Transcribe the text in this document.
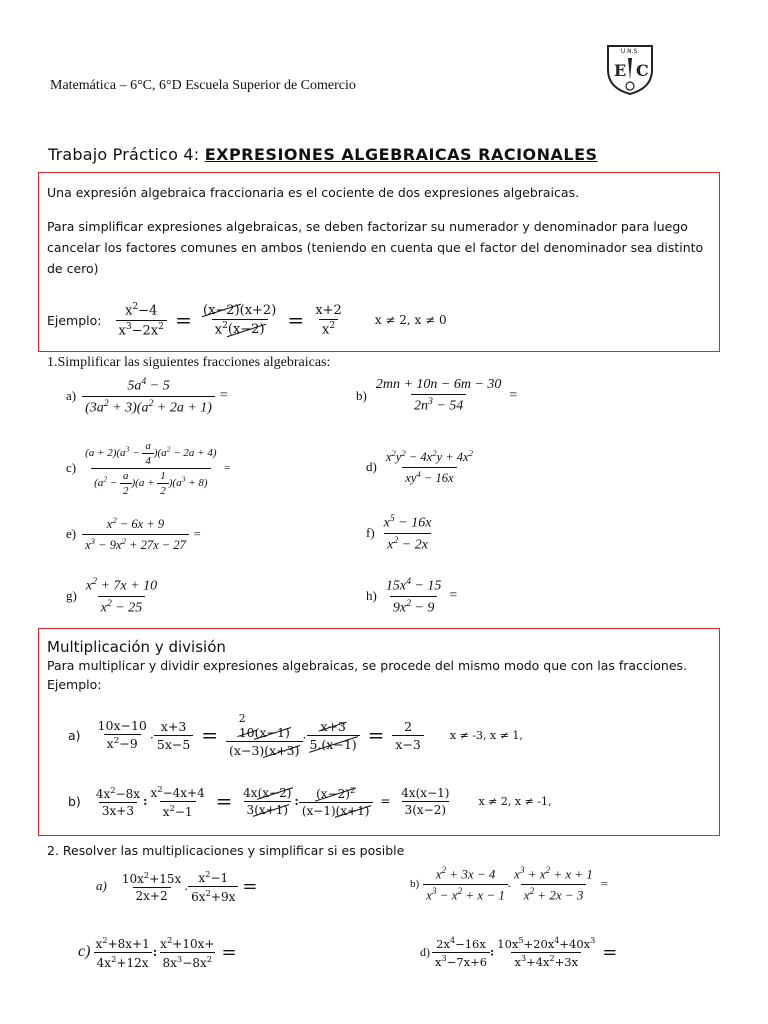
Matemática – 6°C, 6°D Escuela Superior de Comercio
U.N.S.
E C
Trabajo Práctico 4: EXPRESIONES ALGEBRAICAS RACIONALES
Una expresión algebraica fraccionaria es el cociente de dos expresiones algebraicas.
Para simplificar expresiones algebraicas, se deben factorizar su numerador y denominador para luego cancelar los factores comunes en ambos (teniendo en cuenta que el factor del denominador sea distinto de cero)
Ejemplo: $\frac{x^2-4}{x^3-2x^2} = \frac{(x-2)(x+2)}{x^2(x-2)} = \frac{x+2}{x^2}$	x ≠ 2, x ≠ 0
1.Simplificar las siguientes fracciones algebraicas:
$a) \frac{5a^4 - 5}{(3a^2 + 3)(a^2 + 2a + 1)}$ =	$b) \frac{2mn + 10n - 6m - 30}{2n^3 - 54}$ =
$c) \frac{(a + 2)(a^3 - \frac{a}{4} )(a^2 - 2a + 4)}{(a^2 - \frac{a}{2} )(a + \frac{1}{2} )(a^3 + 8)}$ =	$d) \frac{x^2y^2 - 4x^2y + 4x^2}{xy^4 - 16x}$
$e) \frac{x^2 - 6x + 9}{x^3 - 9x^2 + 27x - 27}$ =	$f) \frac{x^5 - 16x}{x^2 - 2x}$
$g) \frac{x^2 + 7x + 10}{x^2 - 25}$	$h) \frac{15x^4 - 15}{9x^2 - 9}$ =
Multiplicación y división
Para multiplicar y dividir expresiones algebraicas, se procede del mismo modo que con las fracciones.
Ejemplo:
$a) \frac{10x-10}{x^2-9}$ . $\frac{x+3}{5x-5} = 2$
10(x−1)
(x−3)(x+3) . $\frac{x+3}{5.(x-1)} = \frac{2}{x-3}$ x ≠ -3, x ≠ 1,
$b) \frac{4x^2-8x}{3x+3}$ : $\frac{x^2-4x+4}{x^2-1} = \frac{4x(x-2)}{3(x+1)}$ : $\frac{(x-2)^2}{(x-1)(x+1)} = \frac{4x(x-1)}{3(x-2)}$ x ≠ 2, x ≠ -1,
2. Resolver las multiplicaciones y simplificar si es posible
$a) \frac{10x^2+15x}{2x+2}$ . $\frac{x^2-1}{6x^2+9x}$ =	$b) \frac{x^2 + 3x - 4}{x^3 - x^2 + x - 1}$ . $\frac{x^3 + x^2 + x + 1}{x^2 + 2x - 3}$ =
$c) \frac{x^2+8x+1}{4x^2+12x}$ : $\frac{x^2+10x+}{8x^3-8x^2}$ =	$d) \frac{2x^4-16x}{x^3-7x+6}$ : $\frac{10x^5+20x^4+40x^3}{x^3+4x^2+3x}$ =
